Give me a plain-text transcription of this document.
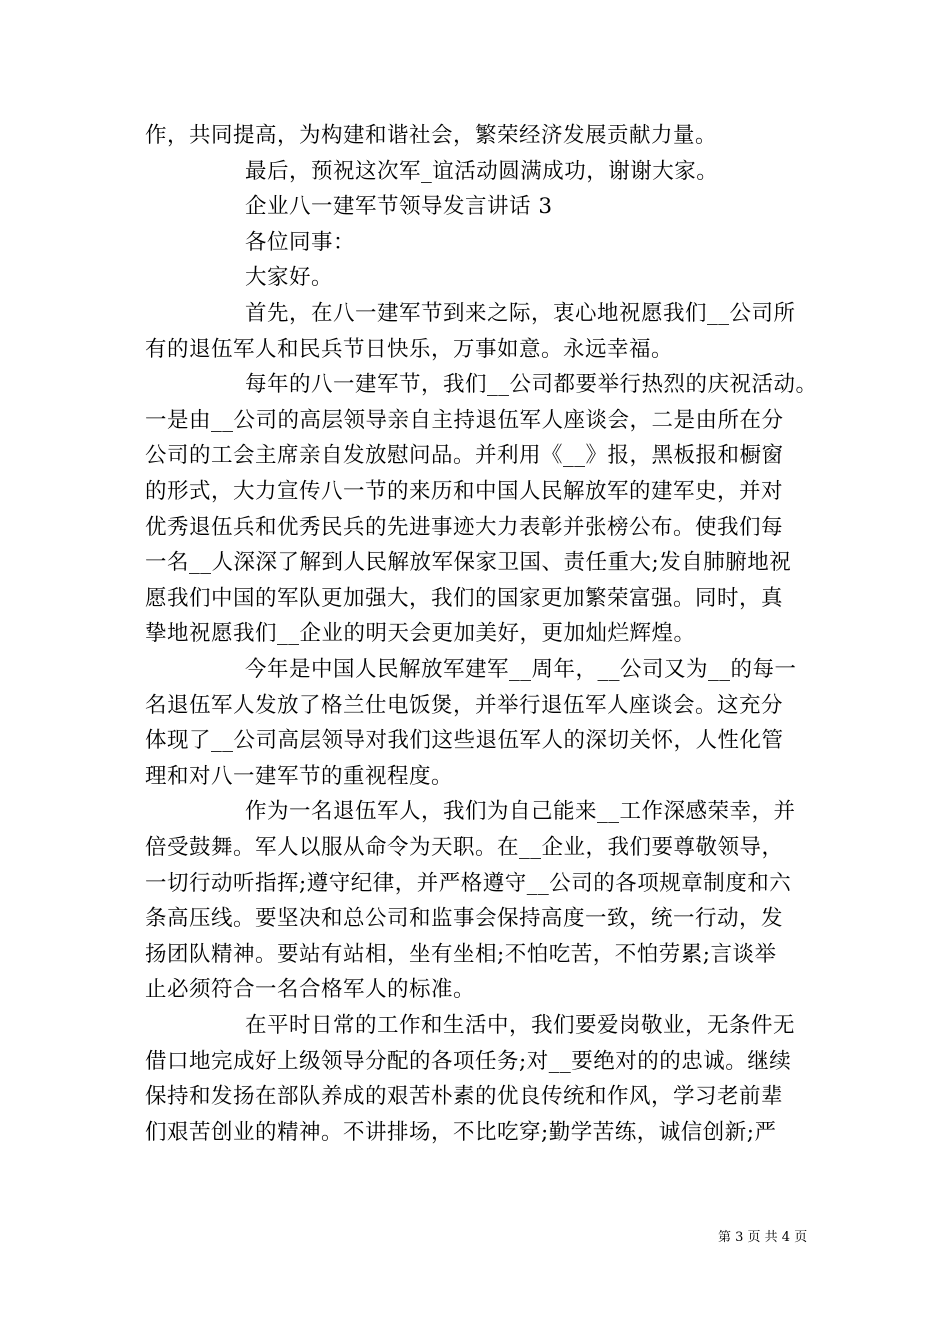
作，共同提高，为构建和谐社会，繁荣经济发展贡献力量。
最后，预祝这次军_谊活动圆满成功，谢谢大家。
企业八一建军节领导发言讲话 3
各位同事：
大家好。
首先，在八一建军节到来之际，衷心地祝愿我们__公司所
有的退伍军人和民兵节日快乐，万事如意。永远幸福。
每年的八一建军节，我们__公司都要举行热烈的庆祝活动。
一是由__公司的高层领导亲自主持退伍军人座谈会，二是由所在分
公司的工会主席亲自发放慰问品。并利用《__》报，黑板报和橱窗
的形式，大力宣传八一节的来历和中国人民解放军的建军史，并对
优秀退伍兵和优秀民兵的先进事迹大力表彰并张榜公布。使我们每
一名__人深深了解到人民解放军保家卫国、责任重大;发自肺腑地祝
愿我们中国的军队更加强大，我们的国家更加繁荣富强。同时，真
挚地祝愿我们__企业的明天会更加美好，更加灿烂辉煌。
今年是中国人民解放军建军__周年，__公司又为__的每一
名退伍军人发放了格兰仕电饭煲，并举行退伍军人座谈会。这充分
体现了__公司高层领导对我们这些退伍军人的深切关怀，人性化管
理和对八一建军节的重视程度。
作为一名退伍军人，我们为自己能来__工作深感荣幸，并
倍受鼓舞。军人以服从命令为天职。在__企业，我们要尊敬领导，
一切行动听指挥;遵守纪律，并严格遵守__公司的各项规章制度和六
条高压线。要坚决和总公司和监事会保持高度一致，统一行动，发
扬团队精神。要站有站相，坐有坐相;不怕吃苦，不怕劳累;言谈举
止必须符合一名合格军人的标准。
在平时日常的工作和生活中，我们要爱岗敬业，无条件无
借口地完成好上级领导分配的各项任务;对__要绝对的的忠诚。继续
保持和发扬在部队养成的艰苦朴素的优良传统和作风，学习老前辈
们艰苦创业的精神。不讲排场，不比吃穿;勤学苦练，诚信创新;严
第 3 页 共 4 页
